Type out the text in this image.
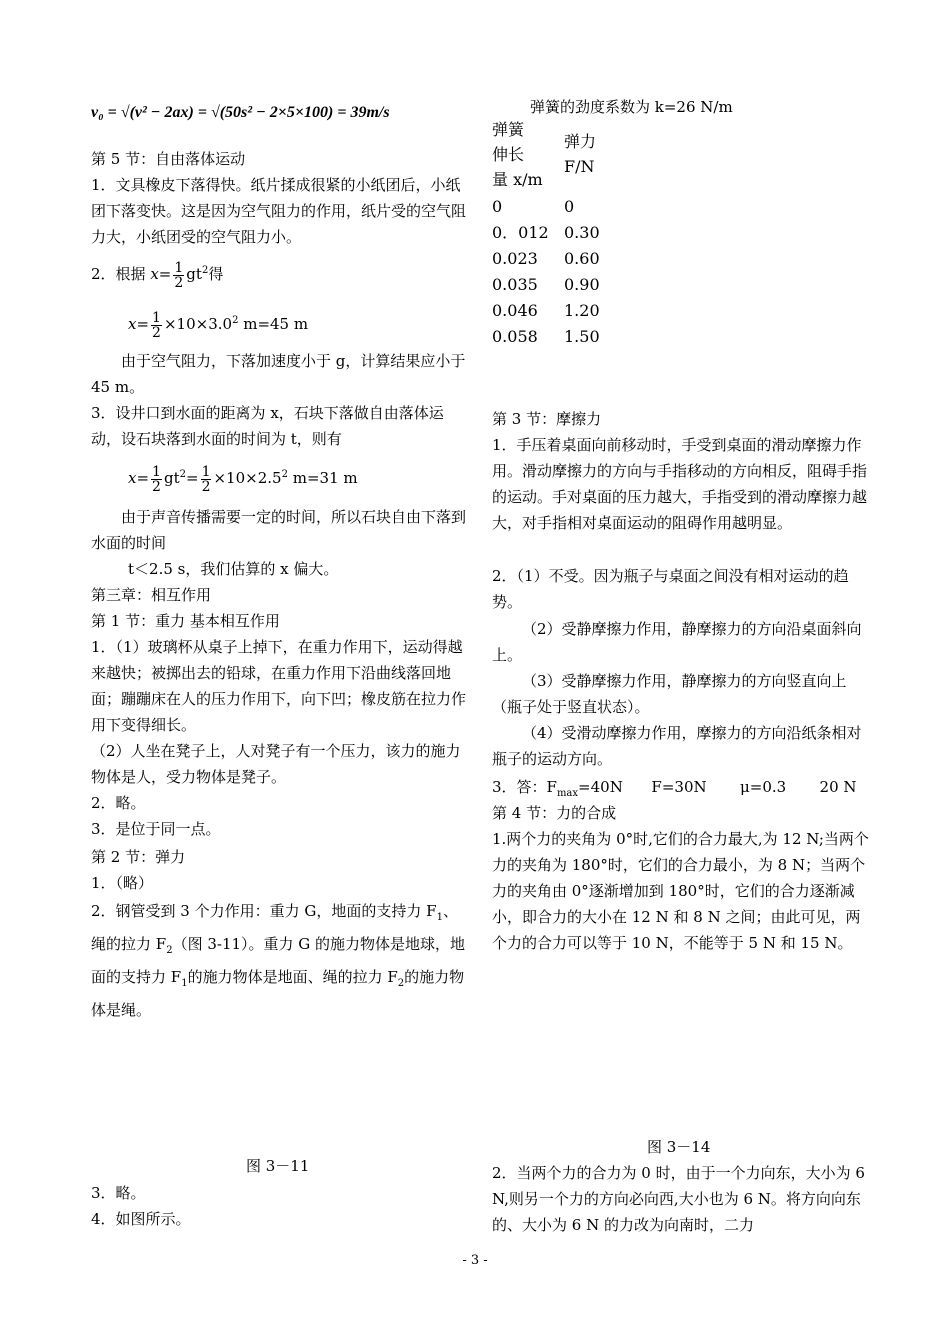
v₀ = √(v² − 2ax) = √(50s² − 2×5×100) = 39m/s
第 5 节：自由落体运动
1．文具橡皮下落得快。纸片揉成很紧的小纸团后，小纸团下落变快。这是因为空气阻力的作用，纸片受的空气阻力大，小纸团受的空气阻力小。
2．根据 $x= \frac{1}{2} gt^2$得
$x= \frac{1}{2} \times 10\times 3.0^2$ m=45 m
由于空气阻力，下落加速度小于 g，计算结果应小于 45 m。
3．设井口到水面的距离为 x，石块下落做自由落体运动，设石块落到水面的时间为 t，则有
$x= \frac{1}{2} gt^2= \frac{1}{2} \times 10\times 2.5^2$ m=31 m
由于声音传播需要一定的时间，所以石块自由下落到水面的时间
t＜2.5 s，我们估算的 x 偏大。
第三章：相互作用
第 1 节：重力 基本相互作用
1．（1）玻璃杯从桌子上掉下，在重力作用下，运动得越来越快；被掷出去的铅球，在重力作用下沿曲线落回地面；蹦蹦床在人的压力作用下，向下凹；橡皮筋在拉力作用下变得细长。
（2）人坐在凳子上，人对凳子有一个压力，该力的施力物体是人，受力物体是凳子。
2．略。
3．是位于同一点。
第 2 节：弹力
1．（略）
2．钢管受到 3 个力作用：重力 G，地面的支持力 $F_1$、绳的拉力 $F_2$（图 3-11）。重力 G 的施力物体是地球，地面的支持力 $F_1$的施力物体是地面、绳的拉力 $F_2$的施力物体是绳。
图 3－11
3．略。
4．如图所示。
弹簧的劲度系数为 k=26 N/m
弹簧
伸长
量 x/m
弹力
F/N
0	0
0．012 0.30
0.023 0.60
0.035 0.90
0.046 1.20
0.058 1.50
第 3 节：摩擦力
1．手压着桌面向前移动时，手受到桌面的滑动摩擦力作用。滑动摩擦力的方向与手指移动的方向相反，阻碍手指的运动。手对桌面的压力越大，手指受到的滑动摩擦力越大，对手指相对桌面运动的阻碍作用越明显。
2．（1）不受。因为瓶子与桌面之间没有相对运动的趋势。
（2）受静摩擦力作用，静摩擦力的方向沿桌面斜向上。
（3）受静摩擦力作用，静摩擦力的方向竖直向上（瓶子处于竖直状态）。
（4）受滑动摩擦力作用，摩擦力的方向沿纸条相对瓶子的运动方向。
3．答：$F_{max}=40N$      F=30N       μ=0.3       20 N
第 4 节：力的合成
1.两个力的夹角为 0°时,它们的合力最大,为 12 N;当两个力的夹角为 180°时，它们的合力最小，为 8 N；当两个力的夹角由 0°逐渐增加到 180°时，它们的合力逐渐减小，即合力的大小在 12 N 和 8 N 之间；由此可见，两个力的合力可以等于 10 N，不能等于 5 N 和 15 N。
图 3－14
2．当两个力的合力为 0 时，由于一个力向东，大小为 6 N,则另一个力的方向必向西,大小也为 6 N。将方向向东的、大小为 6 N 的力改为向南时，二力
- 3 -
